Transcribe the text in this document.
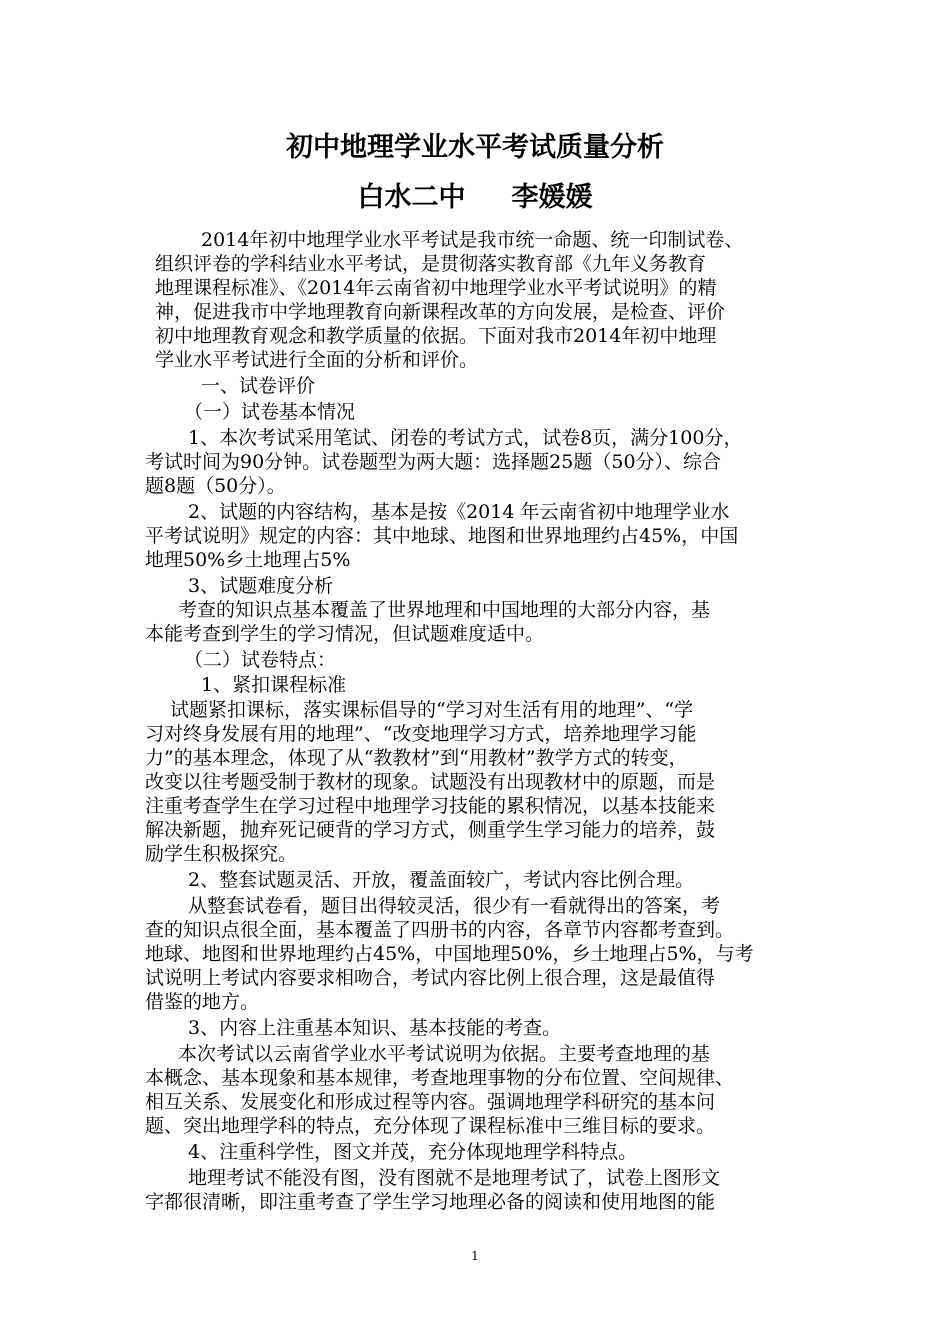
初中地理学业水平考试质量分析
白水二中 李媛媛
2014年初中地理学业水平考试是我市统一命题、统一印制试卷、
组织评卷的学科结业水平考试，是贯彻落实教育部《九年义务教育
地理课程标准》、《2014年云南省初中地理学业水平考试说明》的精
神，促进我市中学地理教育向新课程改革的方向发展，是检查、评价
初中地理教育观念和教学质量的依据。下面对我市2014年初中地理
学业水平考试进行全面的分析和评价。
一、试卷评价
（一）试卷基本情况
1、本次考试采用笔试、闭卷的考试方式，试卷8页，满分100分，
考试时间为90分钟。试卷题型为两大题：选择题25题（50分）、综合
题8题（50分）。
2、试题的内容结构，基本是按《2014 年云南省初中地理学业水
平考试说明》规定的内容：其中地球、地图和世界地理约占45%，中国
地理50%乡土地理占5%
3、试题难度分析
考查的知识点基本覆盖了世界地理和中国地理的大部分内容，基
本能考查到学生的学习情况，但试题难度适中。
（二）试卷特点：
1、紧扣课程标准
试题紧扣课标，落实课标倡导的“学习对生活有用的地理”、“学
习对终身发展有用的地理”、“改变地理学习方式，培养地理学习能
力”的基本理念，体现了从“教教材”到“用教材”教学方式的转变，
改变以往考题受制于教材的现象。试题没有出现教材中的原题，而是
注重考查学生在学习过程中地理学习技能的累积情况，以基本技能来
解决新题，抛弃死记硬背的学习方式，侧重学生学习能力的培养，鼓
励学生积极探究。
2、整套试题灵活、开放，覆盖面较广，考试内容比例合理。
从整套试卷看，题目出得较灵活，很少有一看就得出的答案，考
查的知识点很全面，基本覆盖了四册书的内容，各章节内容都考查到。
地球、地图和世界地理约占45%，中国地理50%，乡土地理占5%，与考
试说明上考试内容要求相吻合，考试内容比例上很合理，这是最值得
借鉴的地方。
3、内容上注重基本知识、基本技能的考查。
本次考试以云南省学业水平考试说明为依据。主要考查地理的基
本概念、基本现象和基本规律，考查地理事物的分布位置、空间规律、
相互关系、发展变化和形成过程等内容。强调地理学科研究的基本问
题、突出地理学科的特点，充分体现了课程标准中三维目标的要求。
4、注重科学性，图文并茂，充分体现地理学科特点。
地理考试不能没有图，没有图就不是地理考试了，试卷上图形文
字都很清晰，即注重考查了学生学习地理必备的阅读和使用地图的能
1
